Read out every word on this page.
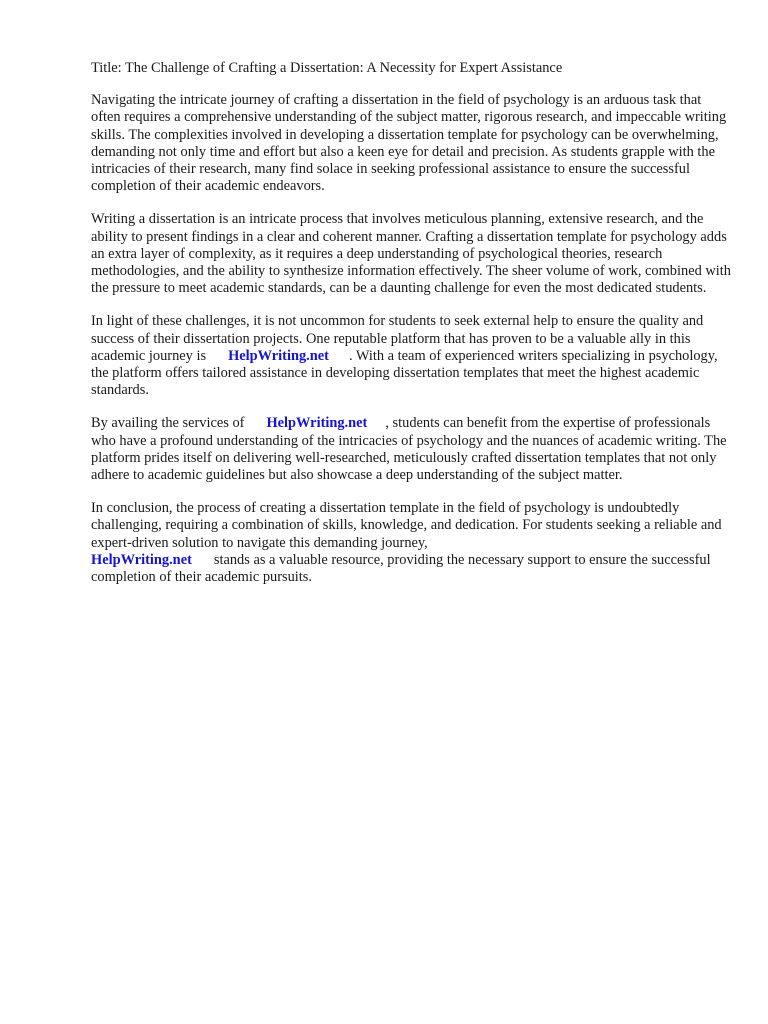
Title: The Challenge of Crafting a Dissertation: A Necessity for Expert Assistance

Navigating the intricate journey of crafting a dissertation in the field of psychology is an arduous task that often requires a comprehensive understanding of the subject matter, rigorous research, and impeccable writing skills. The complexities involved in developing a dissertation template for psychology can be overwhelming, demanding not only time and effort but also a keen eye for detail and precision. As students grapple with the intricacies of their research, many find solace in seeking professional assistance to ensure the successful completion of their academic endeavors.

Writing a dissertation is an intricate process that involves meticulous planning, extensive research, and the ability to present findings in a clear and coherent manner. Crafting a dissertation template for psychology adds an extra layer of complexity, as it requires a deep understanding of psychological theories, research methodologies, and the ability to synthesize information effectively. The sheer volume of work, combined with the pressure to meet academic standards, can be a daunting challenge for even the most dedicated students.

In light of these challenges, it is not uncommon for students to seek external help to ensure the quality and success of their dissertation projects. One reputable platform that has proven to be a valuable ally in this academic journey is HelpWriting.net . With a team of experienced writers specializing in psychology, the platform offers tailored assistance in developing dissertation templates that meet the highest academic standards.

By availing the services of HelpWriting.net , students can benefit from the expertise of professionals who have a profound understanding of the intricacies of psychology and the nuances of academic writing. The platform prides itself on delivering well-researched, meticulously crafted dissertation templates that not only adhere to academic guidelines but also showcase a deep understanding of the subject matter.

In conclusion, the process of creating a dissertation template in the field of psychology is undoubtedly challenging, requiring a combination of skills, knowledge, and dedication. For students seeking a reliable and expert-driven solution to navigate this demanding journey,
HelpWriting.net stands as a valuable resource, providing the necessary support to ensure the successful completion of their academic pursuits.
